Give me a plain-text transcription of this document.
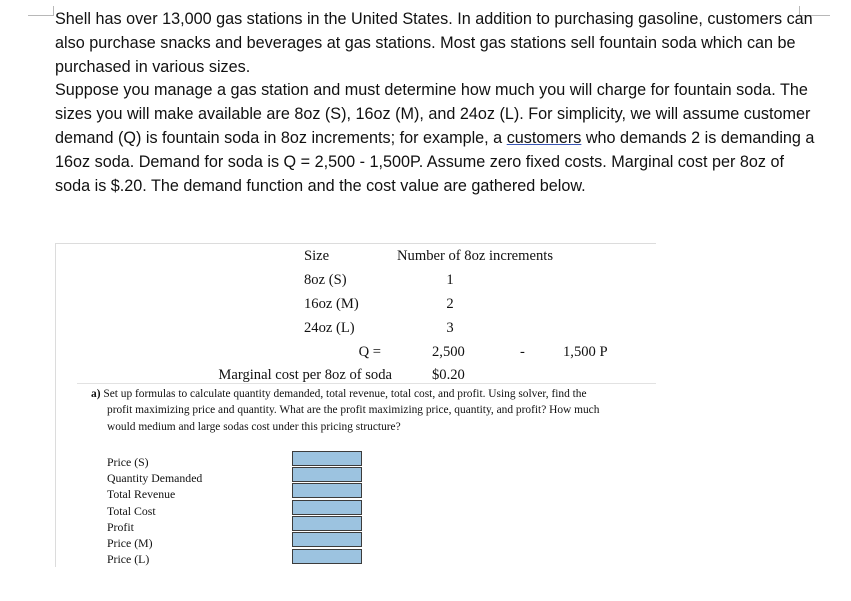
Shell has over 13,000 gas stations in the United States. In addition to purchasing gasoline, customers can also purchase snacks and beverages at gas stations. Most gas stations sell fountain soda which can be purchased in various sizes.

Suppose you manage a gas station and must determine how much you will charge for fountain soda. The sizes you will make available are 8oz (S), 16oz (M), and 24oz (L). For simplicity, we will assume customer demand (Q) is fountain soda in 8oz increments; for example, a customers who demands 2 is demanding a 16oz soda. Demand for soda is Q = 2,500 - 1,500P. Assume zero fixed costs. Marginal cost per 8oz of soda is $.20. The demand function and the cost value are gathered below.

Size	Number of 8oz increments
8oz (S)	1
16oz (M)	2
24oz (L)	3
Q =	2,500	-	1,500 P
Marginal cost per 8oz of soda	$0.20
a) Set up formulas to calculate quantity demanded, total revenue, total cost, and profit. Using solver, find the
profit maximizing price and quantity. What are the profit maximizing price, quantity, and profit? How much
would medium and large sodas cost under this pricing structure?
Price (S)
Quantity Demanded
Total Revenue
Total Cost
Profit
Price (M)
Price (L)
